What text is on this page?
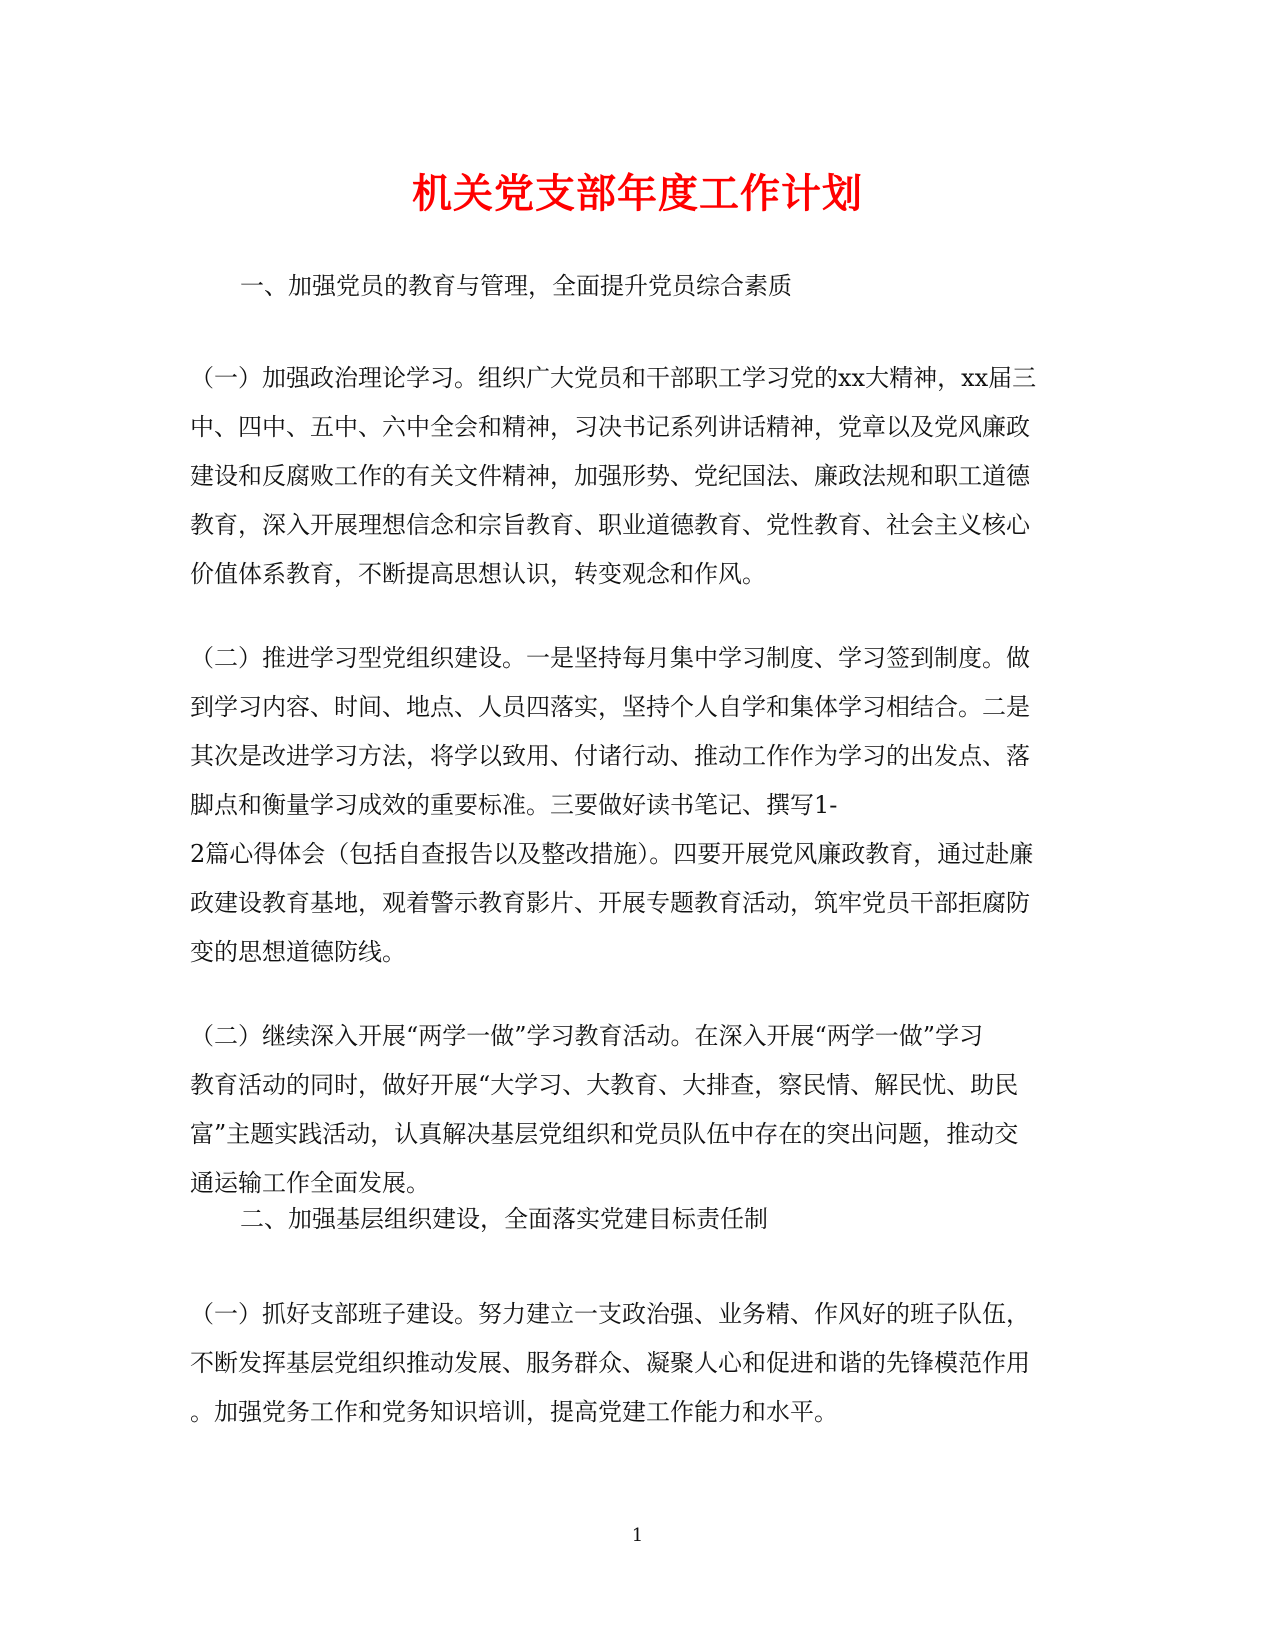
机关党支部年度工作计划

一、加强党员的教育与管理，全面提升党员综合素质

（一）加强政治理论学习。组织广大党员和干部职工学习党的xx大精神，xx届三
中、四中、五中、六中全会和精神，习决书记系列讲话精神，党章以及党风廉政
建设和反腐败工作的有关文件精神，加强形势、党纪国法、廉政法规和职工道德
教育，深入开展理想信念和宗旨教育、职业道德教育、党性教育、社会主义核心
价值体系教育，不断提高思想认识，转变观念和作风。

（二）推进学习型党组织建设。一是坚持每月集中学习制度、学习签到制度。做
到学习内容、时间、地点、人员四落实，坚持个人自学和集体学习相结合。二是
其次是改进学习方法，将学以致用、付诸行动、推动工作作为学习的出发点、落
脚点和衡量学习成效的重要标准。三要做好读书笔记、撰写1-
2篇心得体会（包括自查报告以及整改措施）。四要开展党风廉政教育，通过赴廉
政建设教育基地，观着警示教育影片、开展专题教育活动，筑牢党员干部拒腐防
变的思想道德防线。

（二）继续深入开展“两学一做”学习教育活动。在深入开展“两学一做”学习
教育活动的同时，做好开展“大学习、大教育、大排查，察民情、解民忧、助民
富”主题实践活动，认真解决基层党组织和党员队伍中存在的突出问题，推动交
通运输工作全面发展。

二、加强基层组织建设，全面落实党建目标责任制

（一）抓好支部班子建设。努力建立一支政治强、业务精、作风好的班子队伍，
不断发挥基层党组织推动发展、服务群众、凝聚人心和促进和谐的先锋模范作用
。加强党务工作和党务知识培训，提高党建工作能力和水平。

1
